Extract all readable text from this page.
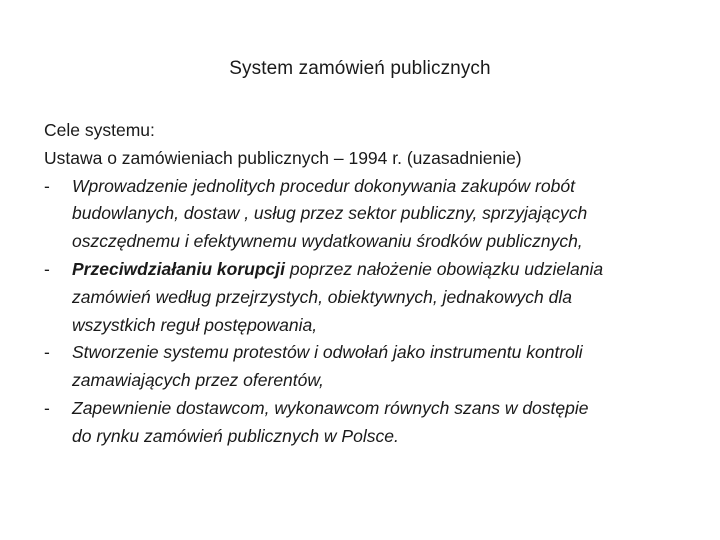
System zamówień publicznych
Cele systemu:
Ustawa o zamówieniach publicznych – 1994 r. (uzasadnienie)
- Wprowadzenie jednolitych procedur dokonywania zakupów robót
budowlanych, dostaw , usług przez sektor publiczny, sprzyjających
oszczędnemu i efektywnemu wydatkowaniu środków publicznych,
- Przeciwdziałaniu korupcji poprzez nałożenie obowiązku udzielania
zamówień według przejrzystych, obiektywnych, jednakowych dla
wszystkich reguł postępowania,
- Stworzenie systemu protestów i odwołań jako instrumentu kontroli
zamawiających przez oferentów,
- Zapewnienie dostawcom, wykonawcom równych szans w dostępie
do rynku zamówień publicznych w Polsce.
